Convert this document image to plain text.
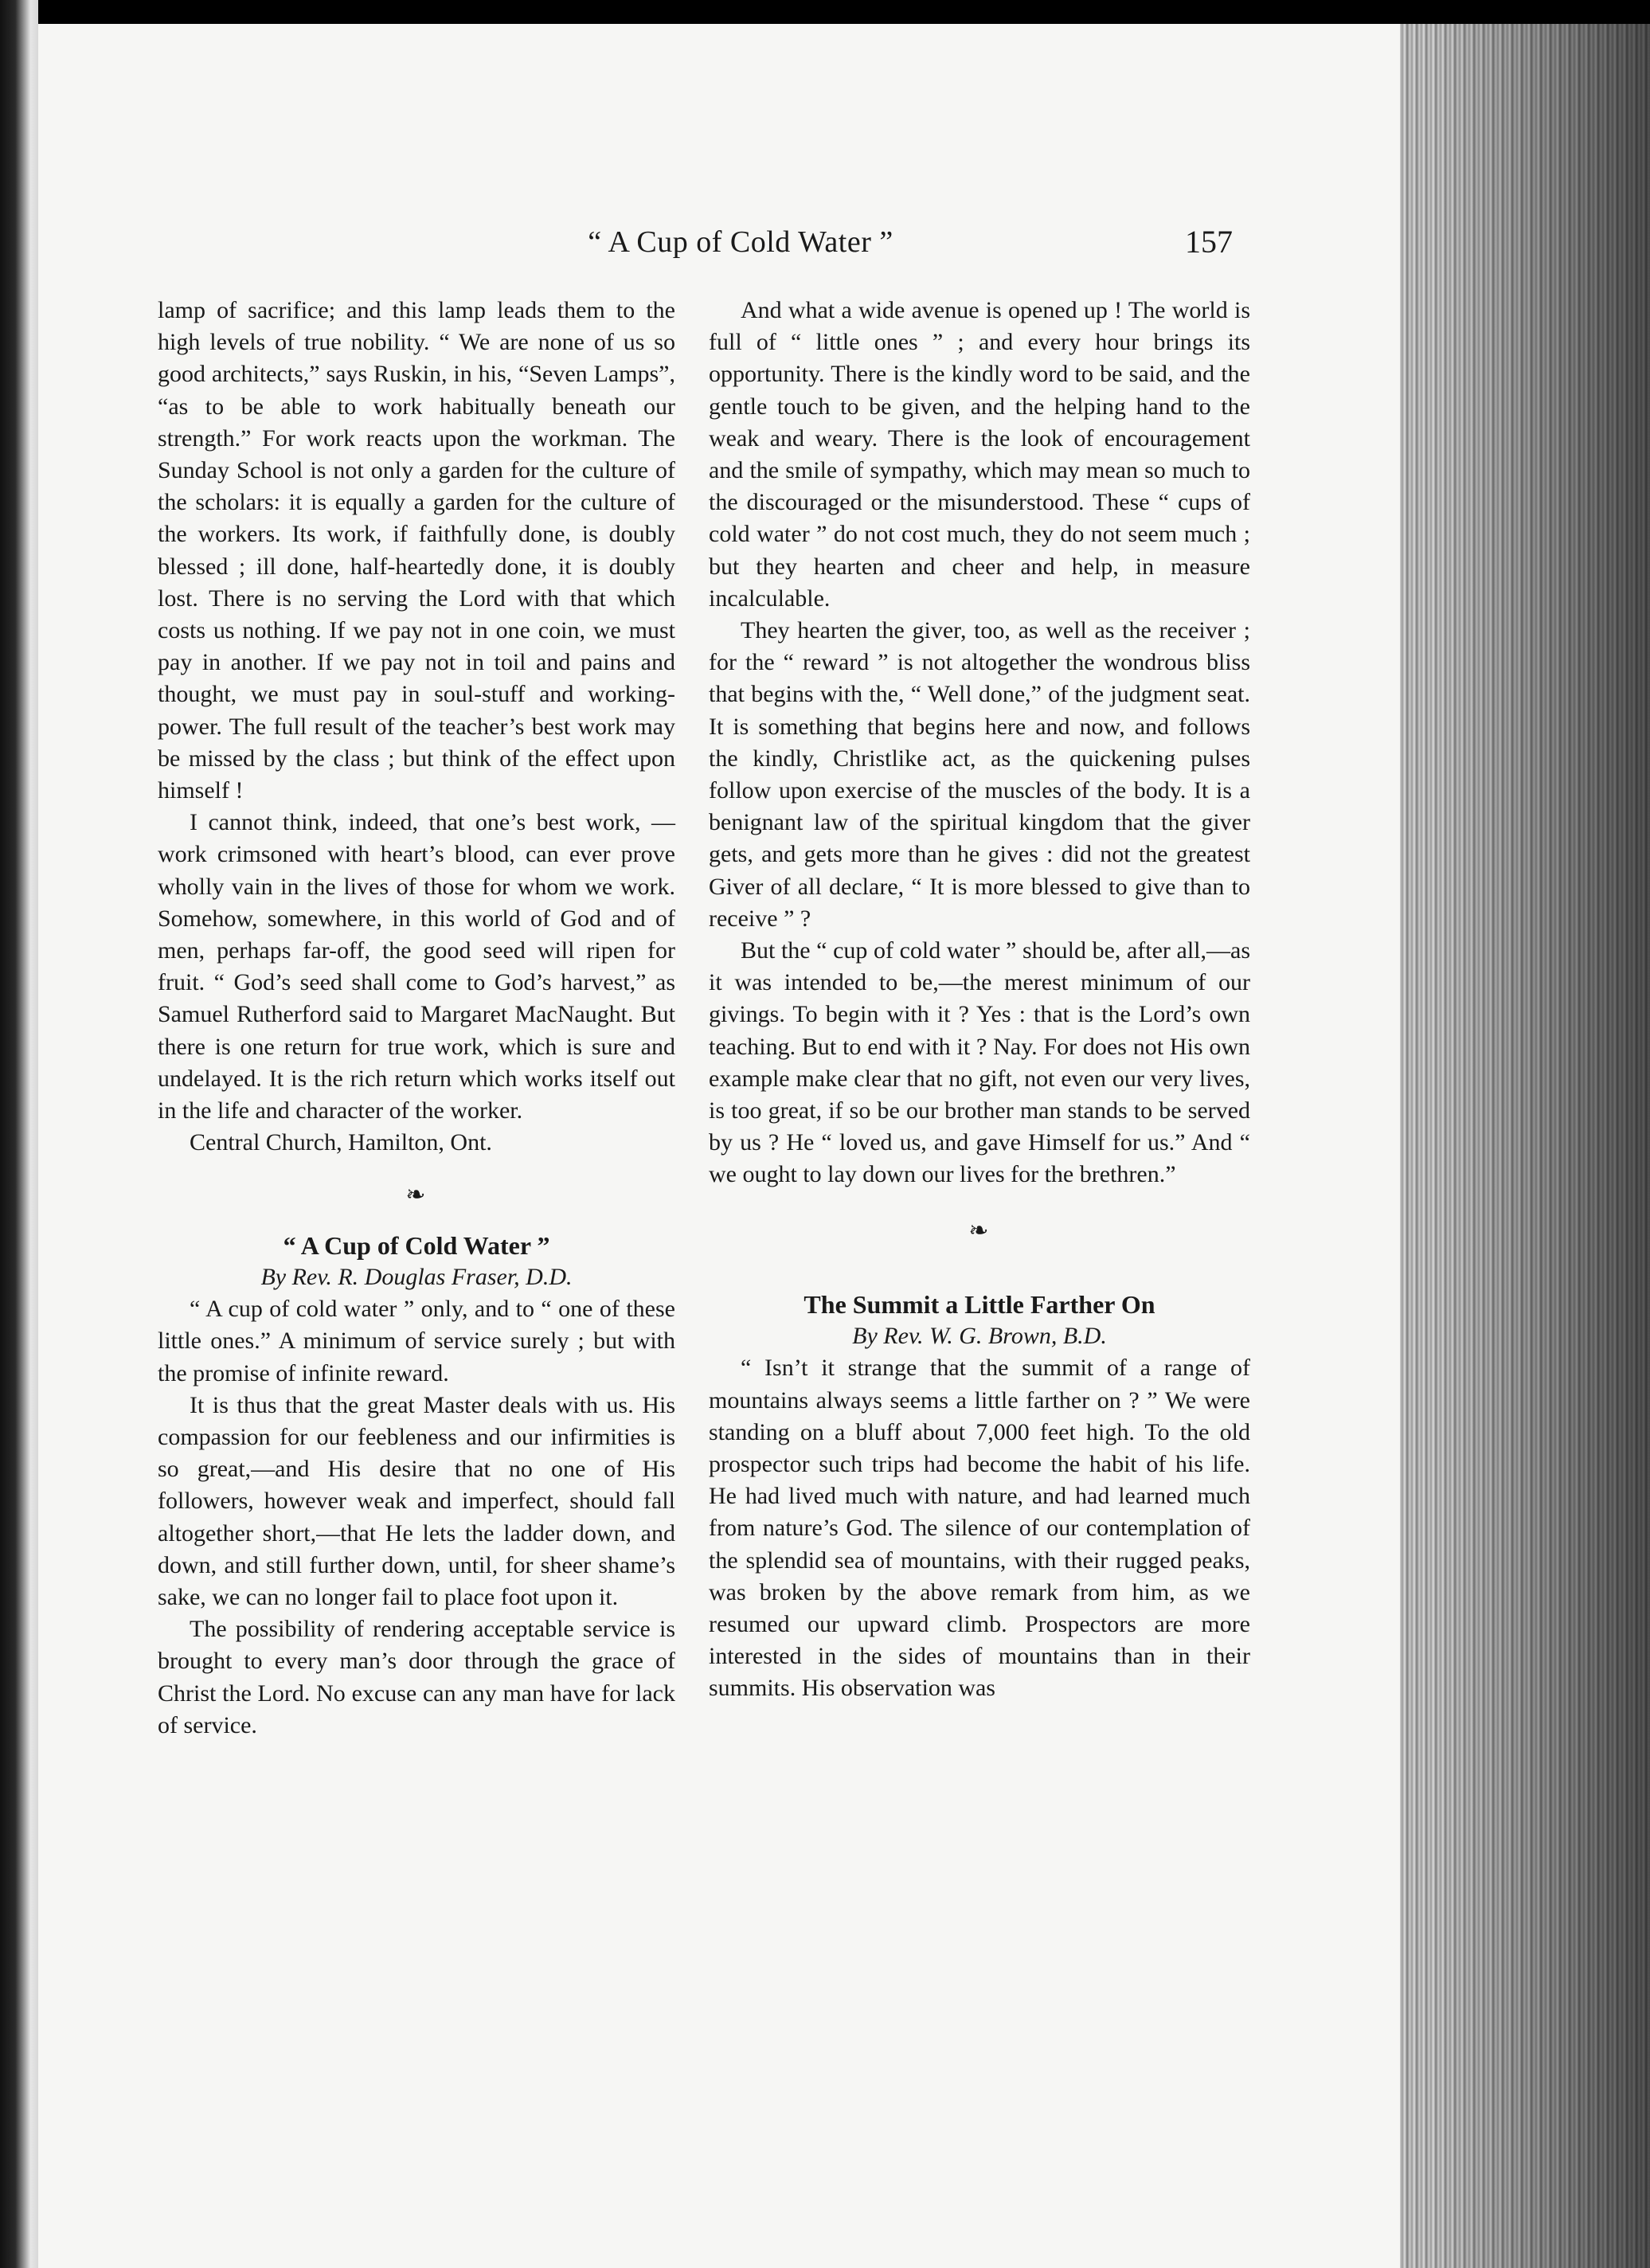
“ A Cup of Cold Water ”	157

lamp of sacrifice; and this lamp leads them to the high levels of true nobility. “ We are none of us so good architects,” says Ruskin, in his, “Seven Lamps”, “as to be able to work habitually beneath our strength.” For work reacts upon the workman. The Sunday School is not only a garden for the culture of the scholars: it is equally a garden for the culture of the workers. Its work, if faithfully done, is doubly blessed ; ill done, half-heartedly done, it is doubly lost. There is no serving the Lord with that which costs us nothing. If we pay not in one coin, we must pay in another. If we pay not in toil and pains and thought, we must pay in soul-stuff and working-power. The full result of the teacher’s best work may be missed by the class ; but think of the effect upon himself !

I cannot think, indeed, that one’s best work, —work crimsoned with heart’s blood, can ever prove wholly vain in the lives of those for whom we work. Somehow, somewhere, in this world of God and of men, perhaps far-off, the good seed will ripen for fruit. “ God’s seed shall come to God’s harvest,” as Samuel Rutherford said to Margaret MacNaught. But there is one return for true work, which is sure and undelayed. It is the rich return which works itself out in the life and character of the worker.

Central Church, Hamilton, Ont.

❧

“ A Cup of Cold Water ”

By Rev. R. Douglas Fraser, D.D.

“ A cup of cold water ” only, and to “ one of these little ones.” A minimum of service surely ; but with the promise of infinite reward.

It is thus that the great Master deals with us. His compassion for our feebleness and our infirmities is so great,—and His desire that no one of His followers, however weak and imperfect, should fall altogether short,—that He lets the ladder down, and down, and still further down, until, for sheer shame’s sake, we can no longer fail to place foot upon it.

The possibility of rendering acceptable service is brought to every man’s door through the grace of Christ the Lord. No excuse can any man have for lack of service.

And what a wide avenue is opened up ! The world is full of “ little ones ” ; and every hour brings its opportunity. There is the kindly word to be said, and the gentle touch to be given, and the helping hand to the weak and weary. There is the look of encouragement and the smile of sympathy, which may mean so much to the discouraged or the misunderstood. These “ cups of cold water ” do not cost much, they do not seem much ; but they hearten and cheer and help, in measure incalculable.

They hearten the giver, too, as well as the receiver ; for the “ reward ” is not altogether the wondrous bliss that begins with the, “ Well done,” of the judgment seat. It is something that begins here and now, and follows the kindly, Christlike act, as the quickening pulses follow upon exercise of the muscles of the body. It is a benignant law of the spiritual kingdom that the giver gets, and gets more than he gives : did not the greatest Giver of all declare, “ It is more blessed to give than to receive ” ?

But the “ cup of cold water ” should be, after all,—as it was intended to be,—the merest minimum of our givings. To begin with it ? Yes : that is the Lord’s own teaching. But to end with it ? Nay. For does not His own example make clear that no gift, not even our very lives, is too great, if so be our brother man stands to be served by us ? He “ loved us, and gave Himself for us.” And “ we ought to lay down our lives for the brethren.”

❧

The Summit a Little Farther On

By Rev. W. G. Brown, B.D.

“ Isn’t it strange that the summit of a range of mountains always seems a little farther on ? ” We were standing on a bluff about 7,000 feet high. To the old prospector such trips had become the habit of his life. He had lived much with nature, and had learned much from nature’s God. The silence of our contemplation of the splendid sea of mountains, with their rugged peaks, was broken by the above remark from him, as we resumed our upward climb. Prospectors are more interested in the sides of mountains than in their summits. His observation was
